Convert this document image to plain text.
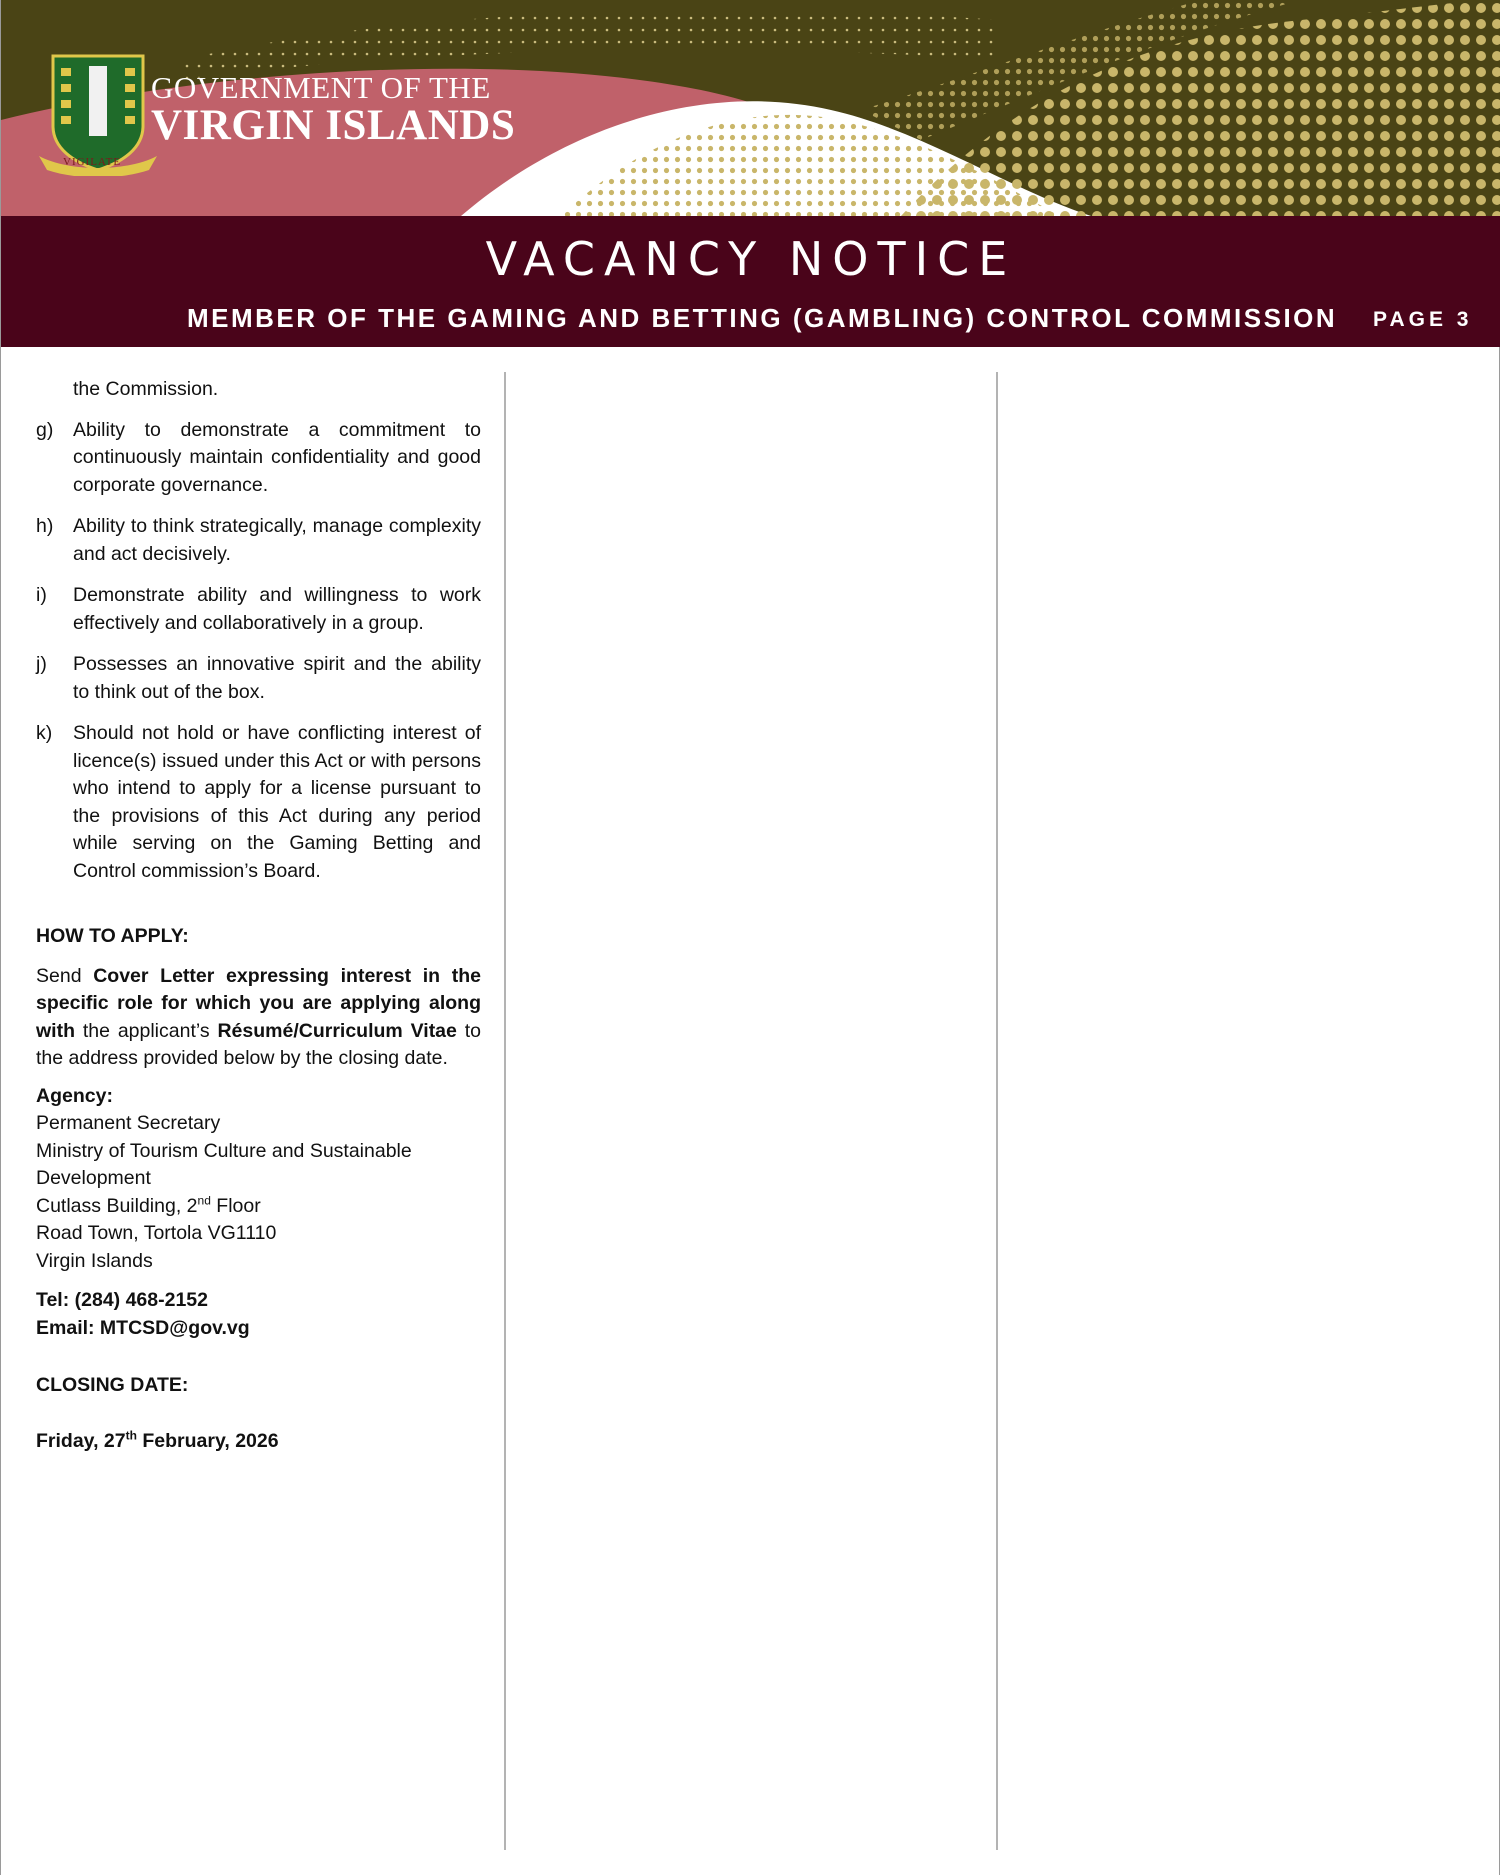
VIGILATE
GOVERNMENT OF THE
VIRGIN ISLANDS
VACANCY NOTICE
MEMBER OF THE GAMING AND BETTING (GAMBLING) CONTROL COMMISSION PAGE 3
the Commission.
g) Ability to demonstrate a commitment to continuously maintain confidentiality and good corporate governance.
h) Ability to think strategically, manage complexity and act decisively.
i) Demonstrate ability and willingness to work effectively and collaboratively in a group.
j) Possesses an innovative spirit and the ability to think out of the box.
k) Should not hold or have conflicting interest of licence(s) issued under this Act or with persons who intend to apply for a license pursuant to the provisions of this Act during any period while serving on the Gaming Betting and Control commission’s Board.
HOW TO APPLY:
Send Cover Letter expressing interest in the specific role for which you are applying along with the applicant’s Résumé/Curriculum Vitae to the address provided below by the closing date.
Agency:
Permanent Secretary
Ministry of Tourism Culture and Sustainable Development
Cutlass Building, 2nd Floor
Road Town, Tortola VG1110
Virgin Islands
Tel: (284) 468-2152
Email: MTCSD@gov.vg
CLOSING DATE:
Friday, 27th February, 2026
